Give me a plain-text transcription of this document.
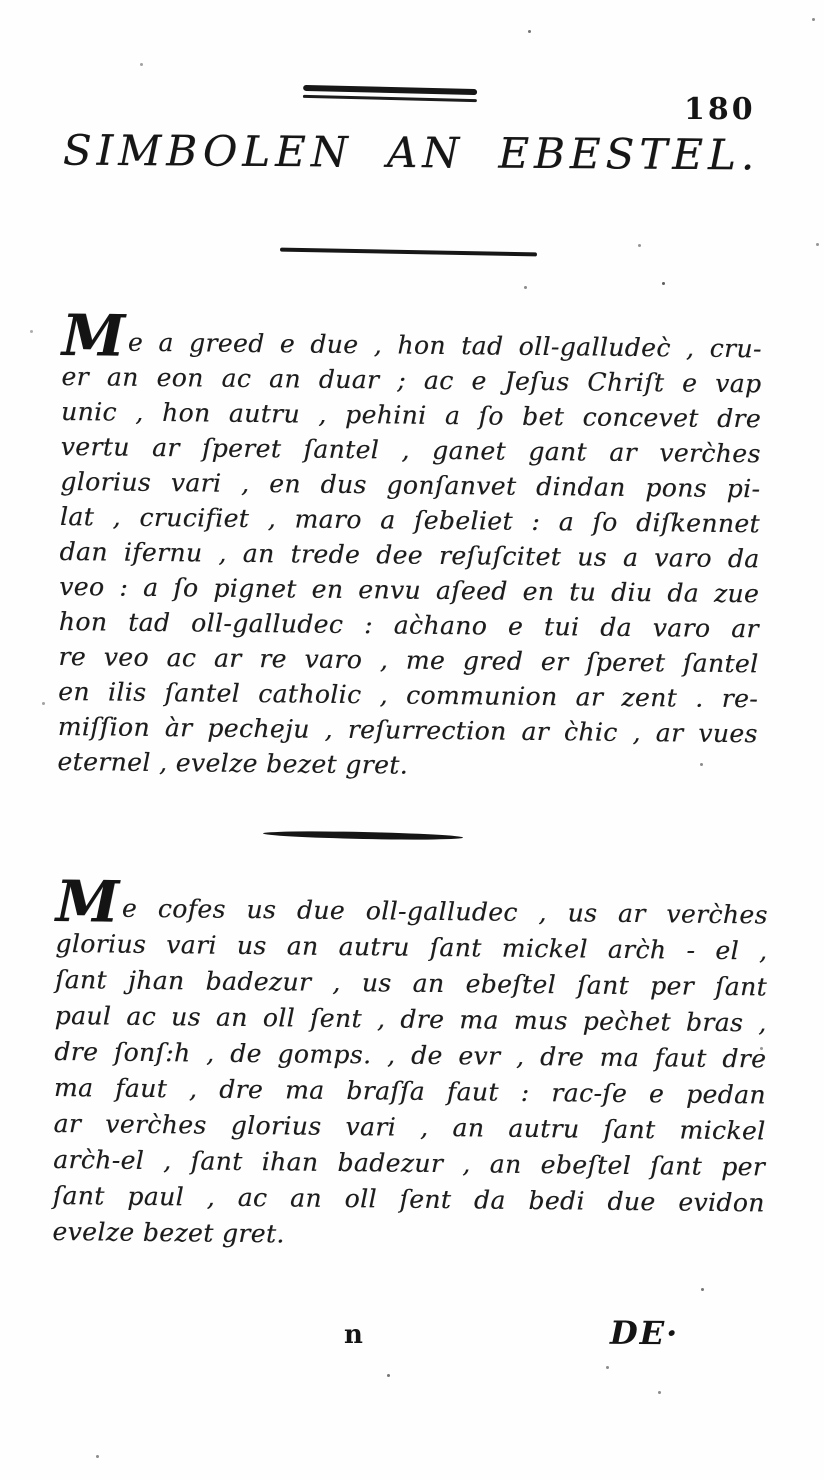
180
SIMBOLEN AN EBESTEL.
Me a greed e due , hon tad oll-galludec̀ , cru-
er an eon ac an duar ; ac e Jeſus Chriſt e vap
unic , hon autru , pehini a ſo bet concevet dre
vertu ar ſperet ſantel , ganet gant ar verc̀hes
glorius vari , en dus gonſanvet dindan pons pi-
lat , crucifiet , maro a ſebeliet : a ſo diſkennet
dan ifernu , an trede dee reſuſcitet us a varo da
veo : a ſo pignet en envu aſeed en tu diu da zue
hon tad oll-galludec : ac̀hano e tui da varo ar
re veo ac ar re varo , me gred er ſperet ſantel
en ilis ſantel catholic , communion ar zent . re-
miſſion àr pecheju , reſurrection ar c̀hic , ar vues
eternel , evelze bezet gret.
Me cofes us due oll-galludec , us ar verc̀hes
glorius vari us an autru ſant mickel arc̀h - el ,
ſant jhan badezur , us an ebeſtel ſant per ſant
paul ac us an oll ſent , dre ma mus pec̀het bras ,
dre ſonſ:h , de gomps. , de evr , dre ma faut dre
ma faut , dre ma braſſa faut : rac-ſe e pedan
ar verc̀hes glorius vari , an autru ſant mickel
arc̀h-el , ſant ihan badezur , an ebeſtel ſant per
ſant paul , ac an oll ſent da bedi due evidon
evelze bezet gret.
n	DE·
